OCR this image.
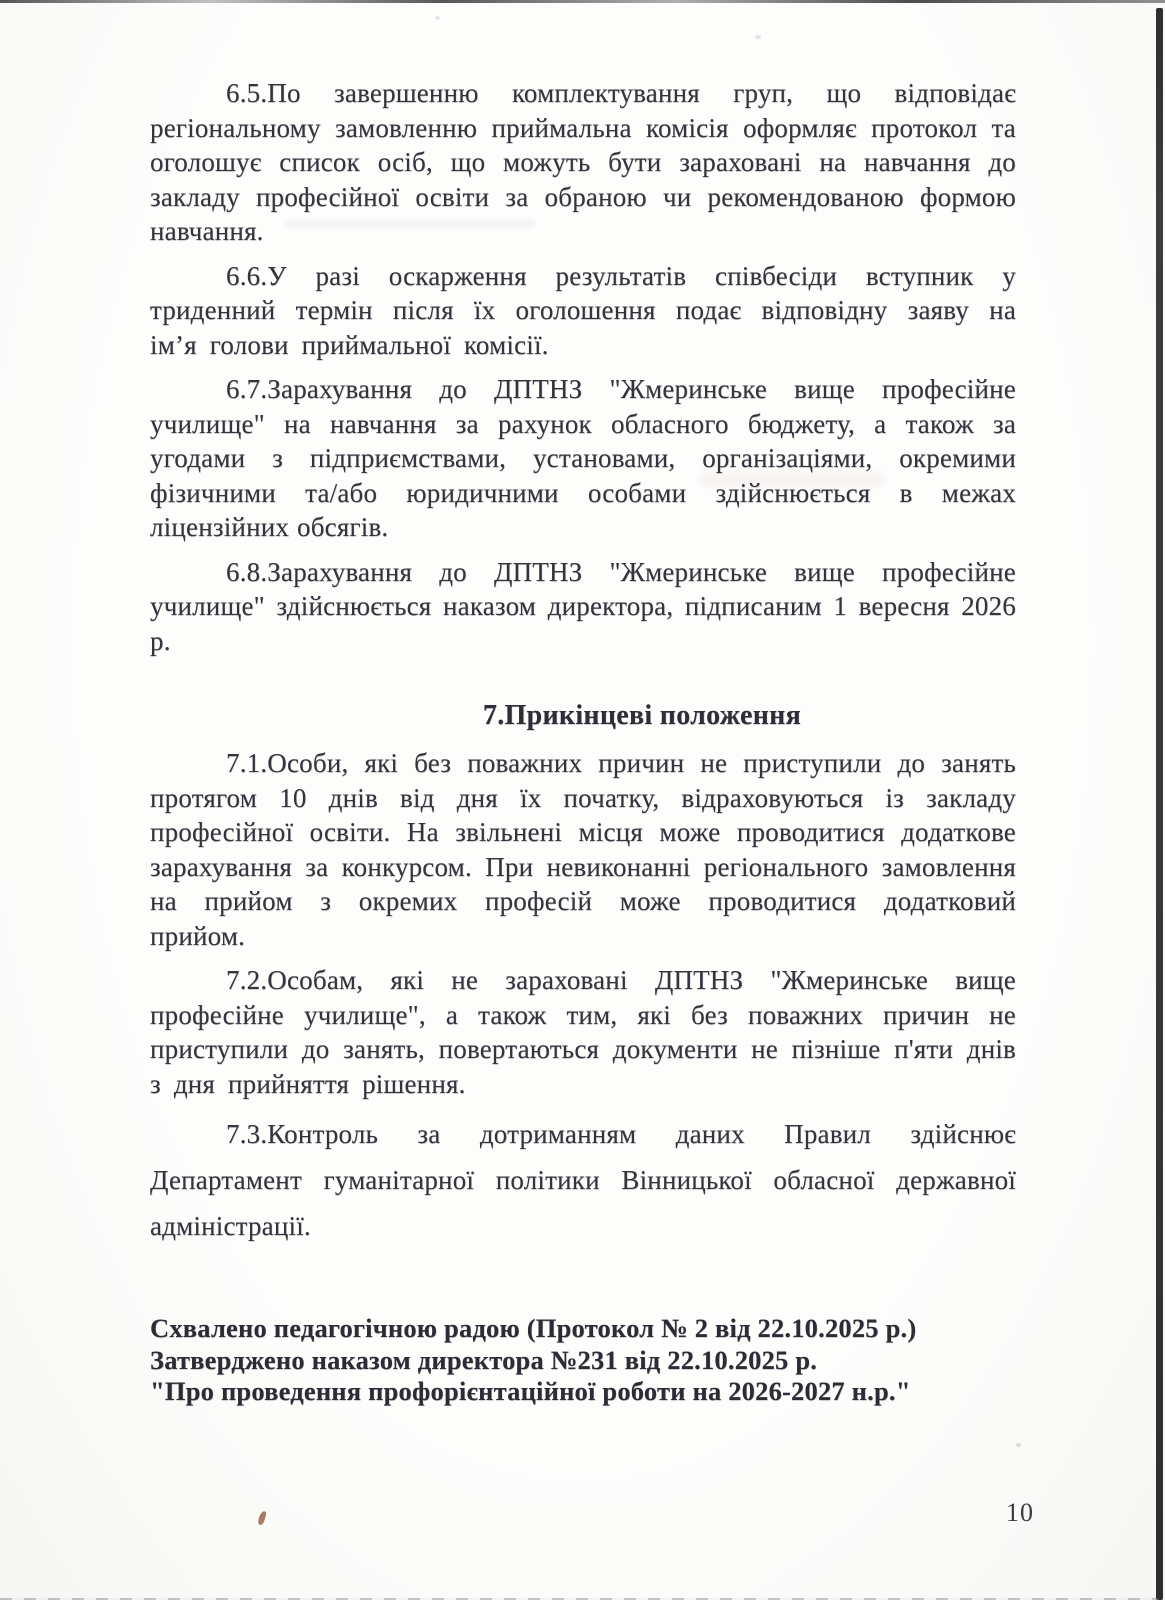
6.5.По завершенню комплектування груп, що відповідає регіональному замовленню приймальна комісія оформляє протокол та оголошує список осіб, що можуть бути зараховані на навчання до закладу професійної освіти за обраною чи рекомендованою формою навчання.

6.6.У разі оскарження результатів співбесіди вступник у триденний термін після їх оголошення подає відповідну заяву на ім’я голови приймальної комісії.

6.7.Зарахування до ДПТНЗ "Жмеринське вище професійне училище" на навчання за рахунок обласного бюджету, а також за угодами з підприємствами, установами, організаціями, окремими фізичними та/або юридичними особами здійснюється в межах ліцензійних обсягів.

6.8.Зарахування до ДПТНЗ "Жмеринське вище професійне училище" здійснюється наказом директора, підписаним 1 вересня 2026 р.

7.Прикінцеві положення

7.1.Особи, які без поважних причин не приступили до занять протягом 10 днів від дня їх початку, відраховуються із закладу професійної освіти. На звільнені місця може проводитися додаткове зарахування за конкурсом. При невиконанні регіонального замовлення на прийом з окремих професій може проводитися додатковий прийом.

7.2.Особам, які не зараховані ДПТНЗ "Жмеринське вище професійне училище", а також тим, які без поважних причин не приступили до занять, повертаються документи не пізніше п'яти днів з дня прийняття рішення.

7.3.Контроль за дотриманням даних Правил здійснює Департамент гуманітарної політики Вінницької обласної державної адміністрації.

Схвалено педагогічною радою (Протокол № 2 від 22.10.2025 р.)
Затверджено наказом директора №231 від 22.10.2025 р.
"Про проведення профорієнтаційної роботи на 2026-2027 н.р."
10
